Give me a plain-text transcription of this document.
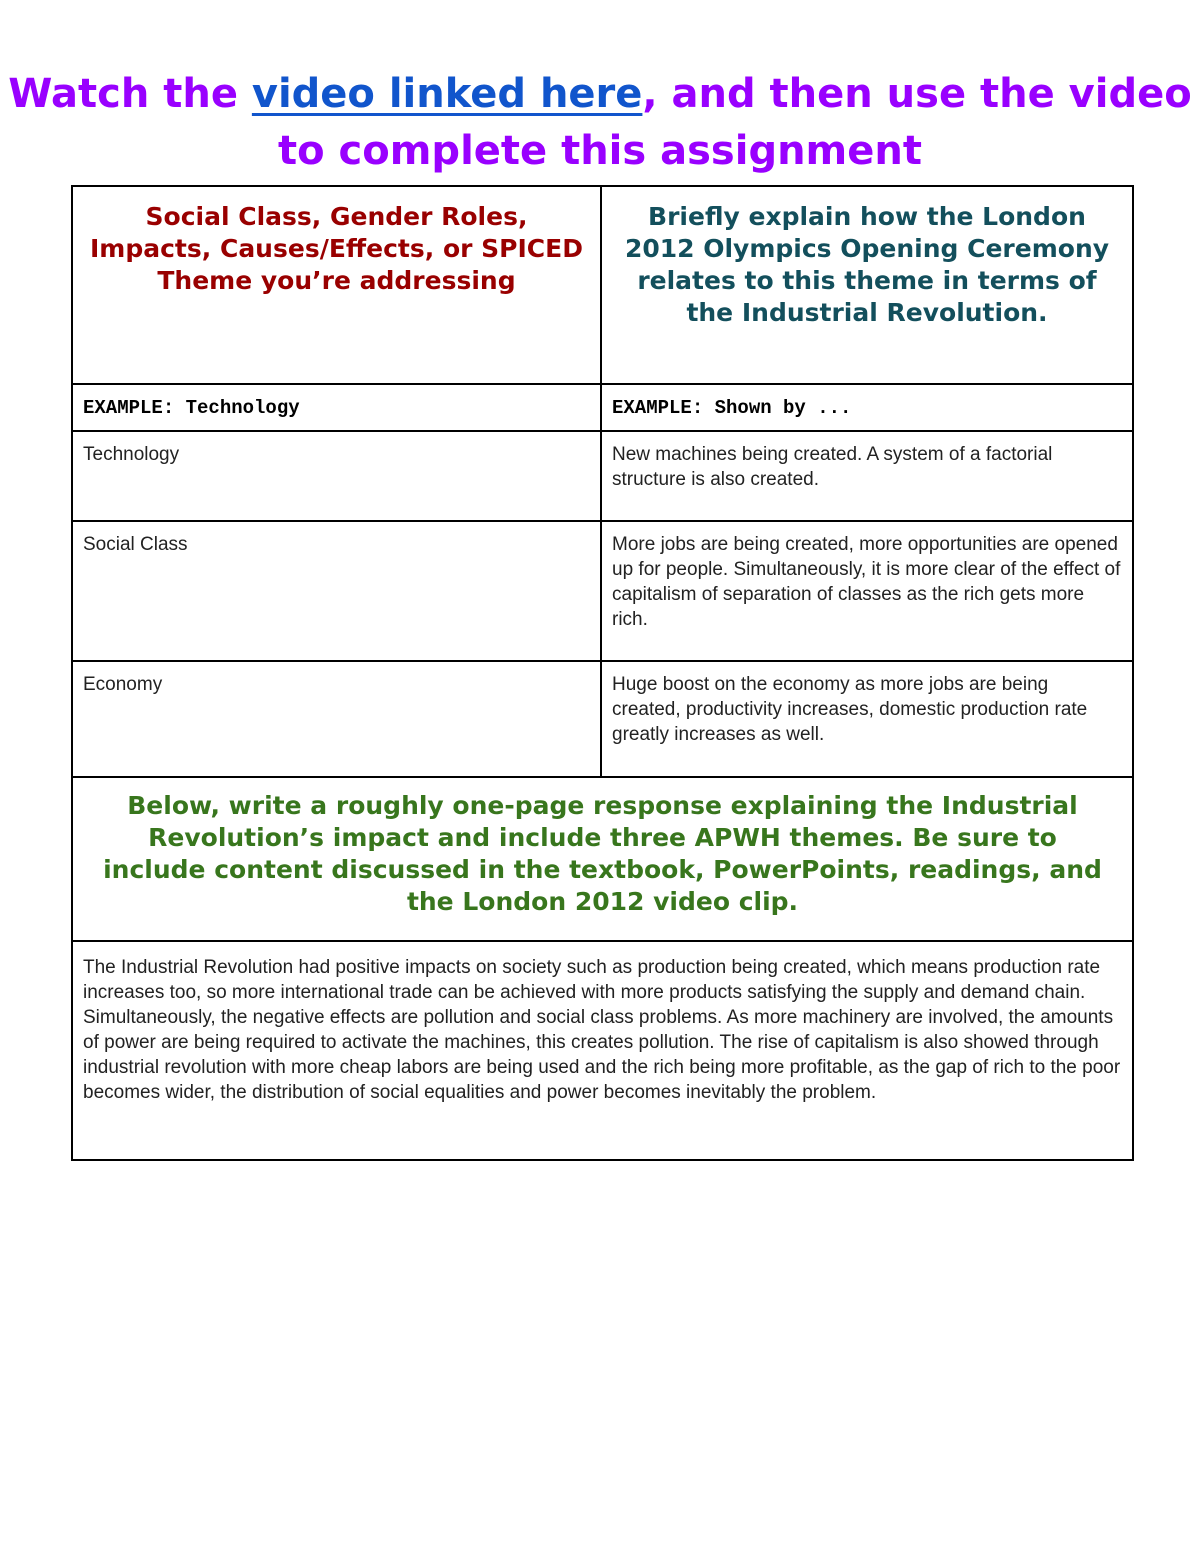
Watch the video linked here, and then use the video to complete this assignment
Social Class, Gender Roles, Impacts, Causes/Effects, or SPICED Theme you’re addressing	Briefly explain how the London 2012 Olympics Opening Ceremony relates to this theme in terms of the Industrial Revolution.

EXAMPLE: Technology	EXAMPLE: Shown by ...
Technology	New machines being created. A system of a factorial structure is also created.
Social Class	More jobs are being created, more opportunities are opened up for people. Simultaneously, it is more clear of the effect of capitalism of separation of classes as the rich gets more rich.
Economy	Huge boost on the economy as more jobs are being created, productivity increases, domestic production rate greatly increases as well.

Below, write a roughly one-page response explaining the Industrial Revolution’s impact and include three APWH themes. Be sure to include content discussed in the textbook, PowerPoints, readings, and the London 2012 video clip.	

The Industrial Revolution had positive impacts on society such as production being created, which means production rate increases too, so more international trade can be achieved with more products satisfying the supply and demand chain. Simultaneously, the negative effects are pollution and social class problems. As more machinery are involved, the amounts of power are being required to activate the machines, this creates pollution. The rise of capitalism is also showed through industrial revolution with more cheap labors are being used and the rich being more profitable, as the gap of rich to the poor becomes wider, the distribution of social equalities and power becomes inevitably the problem.	
